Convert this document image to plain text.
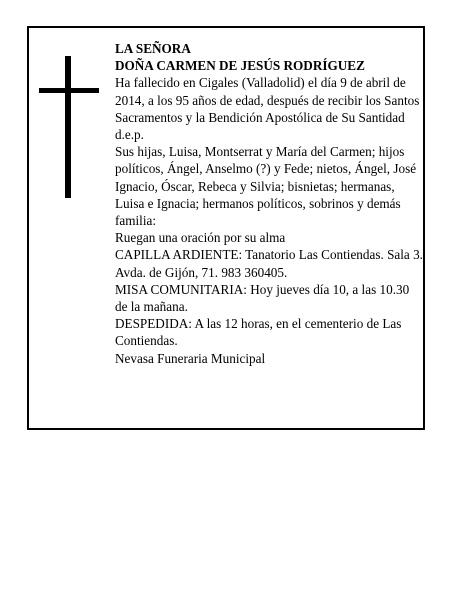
LA SEÑORA

DOÑA CARMEN DE JESÚS RODRÍGUEZ

Ha fallecido en Cigales (Valladolid) el día 9 de abril de 2014, a los 95 años de edad, después de recibir los Santos Sacramentos y la Bendición Apostólica de Su Santidad

d.e.p.

Sus hijas, Luisa, Montserrat y María del Carmen; hijos políticos, Ángel, Anselmo (?) y Fede; nietos, Ángel, José Ignacio, Óscar, Rebeca y Silvia; bisnietas; hermanas, Luisa e Ignacia; hermanos políticos, sobrinos y demás familia:

Ruegan una oración por su alma

CAPILLA ARDIENTE: Tanatorio Las Contiendas. Sala 3. Avda. de Gijón, 71. 983 360405.

MISA COMUNITARIA: Hoy jueves día 10, a las 10.30 de la mañana.

DESPEDIDA: A las 12 horas, en el cementerio de Las Contiendas.

Nevasa Funeraria Municipal
